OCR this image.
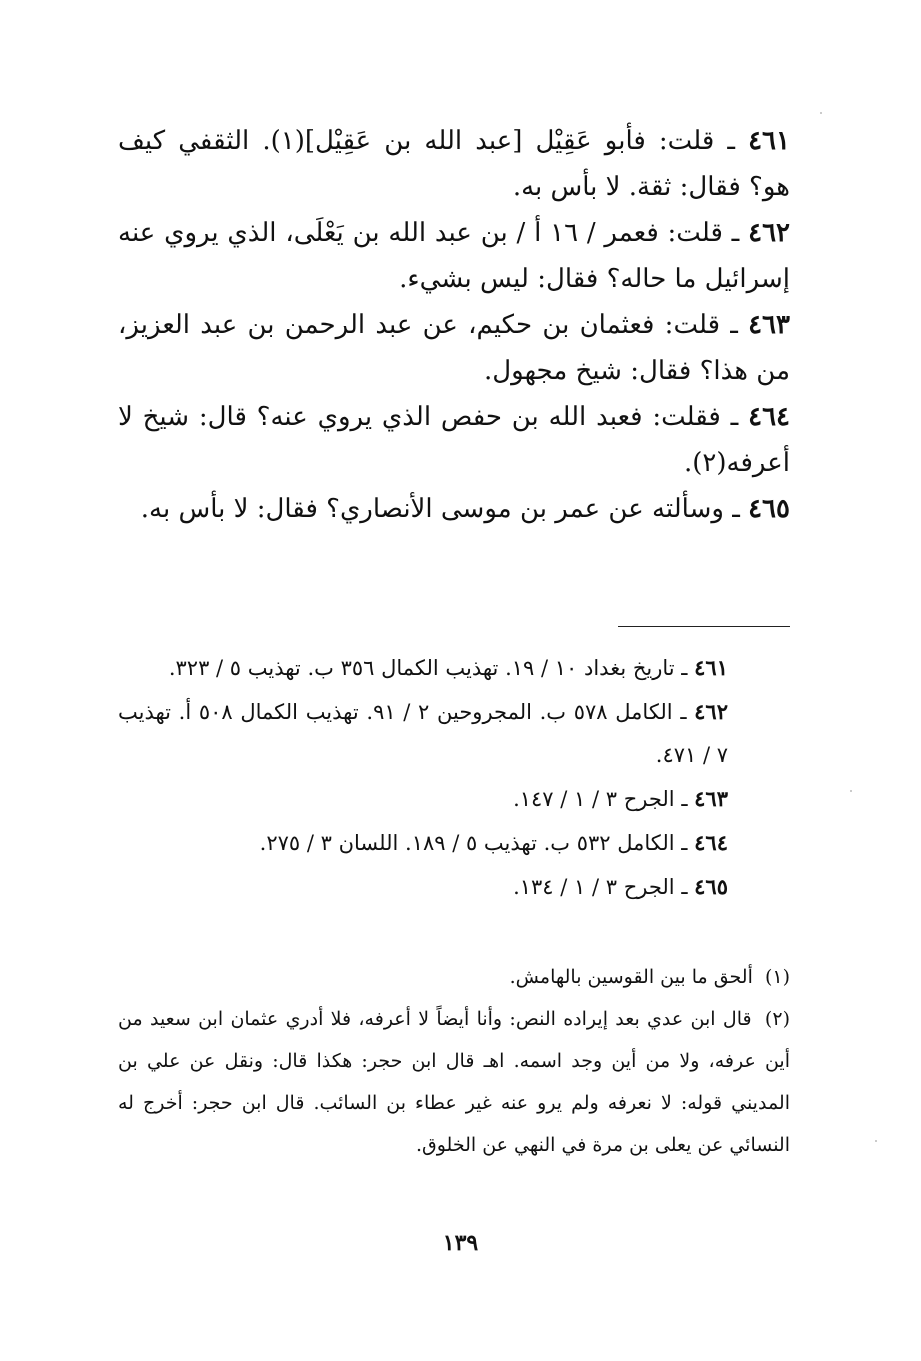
٤٦١ ـ قلت: فأبو عَقِيْل [عبد الله بن عَقِيْل](١). الثقفي كيف هو؟ فقال: ثقة. لا بأس به.

٤٦٢ ـ قلت: فعمر / ١٦ أ / بن عبد الله بن يَعْلَى، الذي يروي عنه إسرائيل ما حاله؟ فقال: ليس بشيء.

٤٦٣ ـ قلت: فعثمان بن حكيم، عن عبد الرحمن بن عبد العزيز، من هذا؟ فقال: شيخ مجهول.

٤٦٤ ـ فقلت: فعبد الله بن حفص الذي يروي عنه؟ قال: شيخ لا أعرفه(٢).

٤٦٥ ـ وسألته عن عمر بن موسى الأنصاري؟ فقال: لا بأس به.

٤٦١ ـ تاريخ بغداد ١٠ / ١٩. تهذيب الكمال ٣٥٦ ب. تهذيب ٥ / ٣٢٣.

٤٦٢ ـ الكامل ٥٧٨ ب. المجروحين ٢ / ٩١. تهذيب الكمال ٥٠٨ أ. تهذيب ٧ / ٤٧١.

٤٦٣ ـ الجرح ٣ / ١ / ١٤٧.

٤٦٤ ـ الكامل ٥٣٢ ب. تهذيب ٥ / ١٨٩. اللسان ٣ / ٢٧٥.

٤٦٥ ـ الجرح ٣ / ١ / ١٣٤.

(١) ألحق ما بين القوسين بالهامش.

(٢) قال ابن عدي بعد إيراده النص: وأنا أيضاً لا أعرفه، فلا أدري عثمان ابن سعيد من أين عرفه، ولا من أين وجد اسمه. اهـ قال ابن حجر: هكذا قال: ونقل عن علي بن المديني قوله: لا نعرفه ولم يرو عنه غير عطاء بن السائب. قال ابن حجر: أخرج له النسائي عن يعلى بن مرة في النهي عن الخلوق.

١٣٩
